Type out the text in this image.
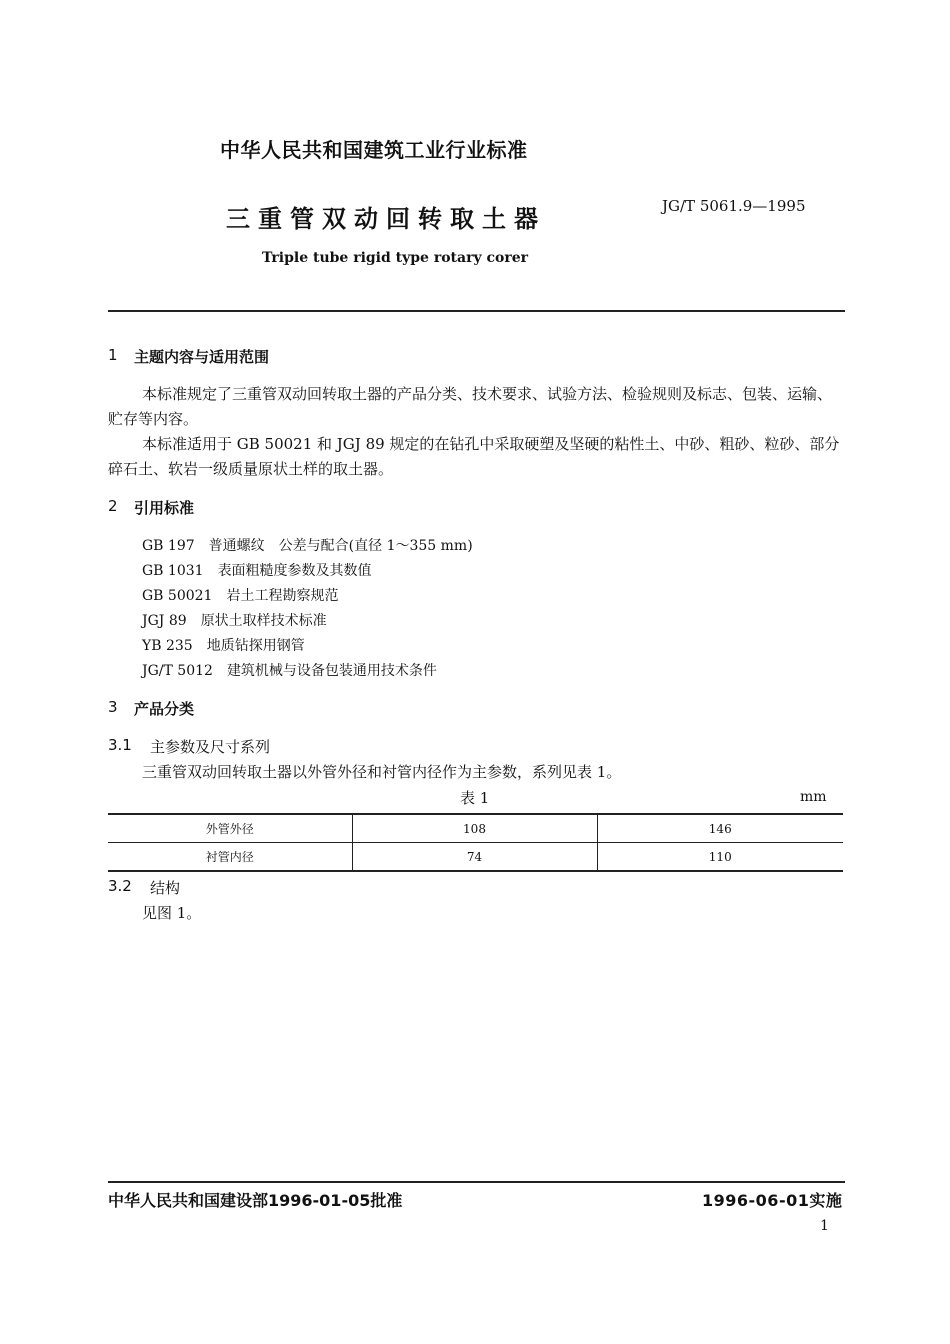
中华人民共和国建筑工业行业标准
三重管双动回转取土器	JG/T 5061.9—1995
Triple tube rigid type rotary corer
1 主题内容与适用范围

本标准规定了三重管双动回转取土器的产品分类、技术要求、试验方法、检验规则及标志、包装、运输、贮存等内容。

本标准适用于 GB 50021 和 JGJ 89 规定的在钻孔中采取硬塑及坚硬的粘性土、中砂、粗砂、粒砂、部分碎石土、软岩一级质量原状土样的取土器。

2 引用标准
GB 197　 普通螺纹　公差与配合(直径 1～355 mm)
GB 1031　 表面粗糙度参数及其数值
GB 50021　 岩土工程勘察规范
JGJ 89　 原状土取样技术标准
YB 235　 地质钻探用钢管
JG/T 5012　 建筑机械与设备包装通用技术条件
3 产品分类
3.1 主参数及尺寸系列
三重管双动回转取土器以外管外径和衬管内径作为主参数，系列见表 1。
表 1	mm
外管外径	108	146
衬管内径	74	110
3.2 结构
见图 1。
中华人民共和国建设部1996-01-05批准	1996-06-01实施
1
